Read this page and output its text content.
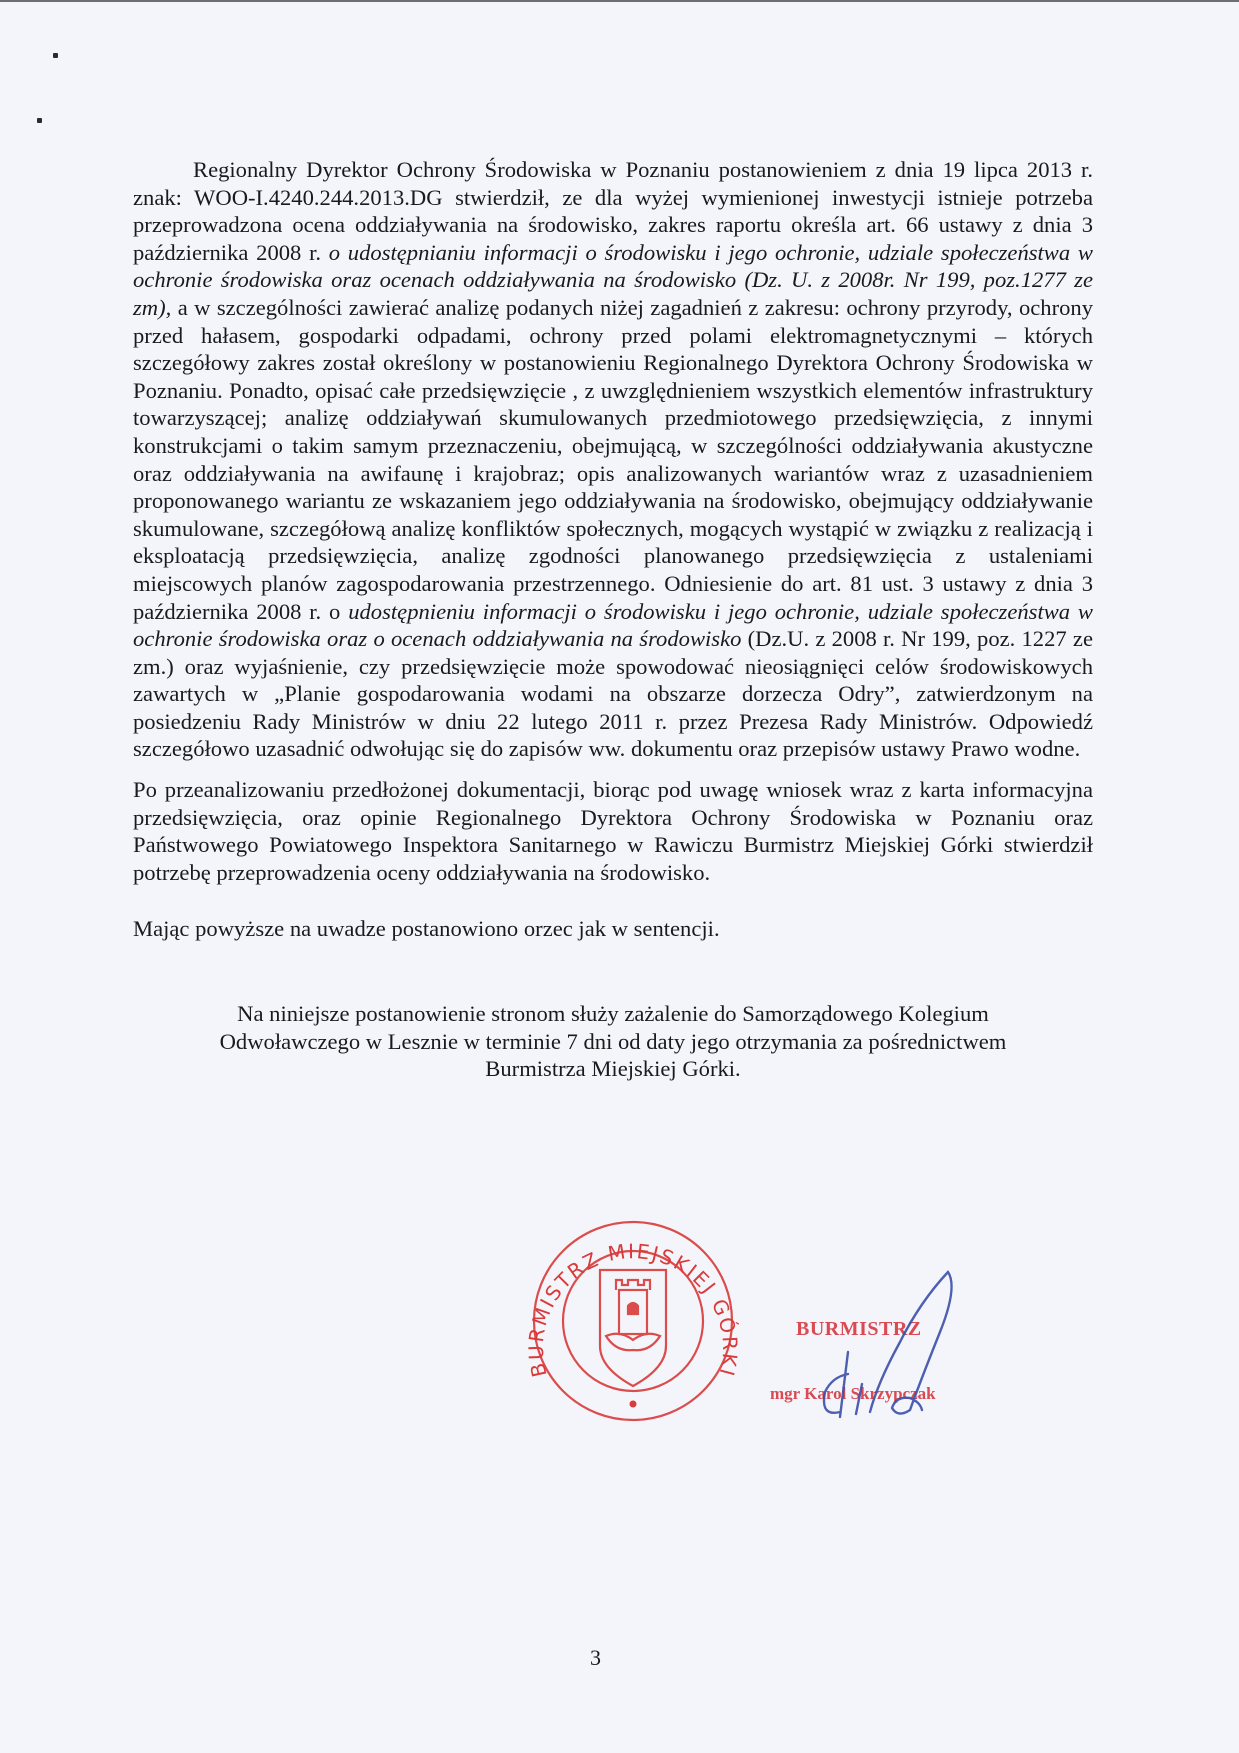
Regionalny Dyrektor Ochrony Środowiska w Poznaniu postanowieniem z dnia 19 lipca 2013 r. znak: WOO-I.4240.244.2013.DG stwierdził, ze dla wyżej wymienionej inwestycji istnieje potrzeba przeprowadzona ocena oddziaływania na środowisko, zakres raportu określa art. 66 ustawy z dnia 3 października 2008 r. o udostępnianiu informacji o środowisku i jego ochronie, udziale społeczeństwa w ochronie środowiska oraz ocenach oddziaływania na środowisko (Dz. U. z 2008r. Nr 199, poz.1277 ze zm), a w szczególności zawierać analizę podanych niżej zagadnień z zakresu: ochrony przyrody, ochrony przed hałasem, gospodarki odpadami, ochrony przed polami elektromagnetycznymi – których szczegółowy zakres został określony w postanowieniu Regionalnego Dyrektora Ochrony Środowiska w Poznaniu. Ponadto, opisać całe przedsięwzięcie , z uwzględnieniem wszystkich elementów infrastruktury towarzyszącej; analizę oddziaływań skumulowanych przedmiotowego przedsięwzięcia, z innymi konstrukcjami o takim samym przeznaczeniu, obejmującą, w szczególności oddziaływania akustyczne oraz oddziaływania na awifaunę i krajobraz; opis analizowanych wariantów wraz z uzasadnieniem proponowanego wariantu ze wskazaniem jego oddziaływania na środowisko, obejmujący oddziaływanie skumulowane, szczegółową analizę konfliktów społecznych, mogących wystąpić w związku z realizacją i eksploatacją przedsięwzięcia, analizę zgodności planowanego przedsięwzięcia z ustaleniami miejscowych planów zagospodarowania przestrzennego. Odniesienie do art. 81 ust. 3 ustawy z dnia 3 października 2008 r. o udostępnieniu informacji o środowisku i jego ochronie, udziale społeczeństwa w ochronie środowiska oraz o ocenach oddziaływania na środowisko (Dz.U. z 2008 r. Nr 199, poz. 1227 ze zm.) oraz wyjaśnienie, czy przedsięwzięcie może spowodować nieosiągnięci celów środowiskowych zawartych w „Planie gospodarowania wodami na obszarze dorzecza Odry”, zatwierdzonym na posiedzeniu Rady Ministrów w dniu 22 lutego 2011 r. przez Prezesa Rady Ministrów. Odpowiedź szczegółowo uzasadnić odwołując się do zapisów ww. dokumentu oraz przepisów ustawy Prawo wodne.

Po przeanalizowaniu przedłożonej dokumentacji, biorąc pod uwagę wniosek wraz z karta informacyjna przedsięwzięcia, oraz opinie Regionalnego Dyrektora Ochrony Środowiska w Poznaniu oraz Państwowego Powiatowego Inspektora Sanitarnego w Rawiczu Burmistrz Miejskiej Górki stwierdził potrzebę przeprowadzenia oceny oddziaływania na środowisko.

Mając powyższe na uwadze postanowiono orzec jak w sentencji.

Na niniejsze postanowienie stronom służy zażalenie do Samorządowego Kolegium
Odwoławczego w Lesznie w terminie 7 dni od daty jego otrzymania za pośrednictwem
Burmistrza Miejskiej Górki.
BURMISTRZ MIEJSKIEJ GÓRKI
BURMISTRZ
mgr Karol Skrzypczak
3
